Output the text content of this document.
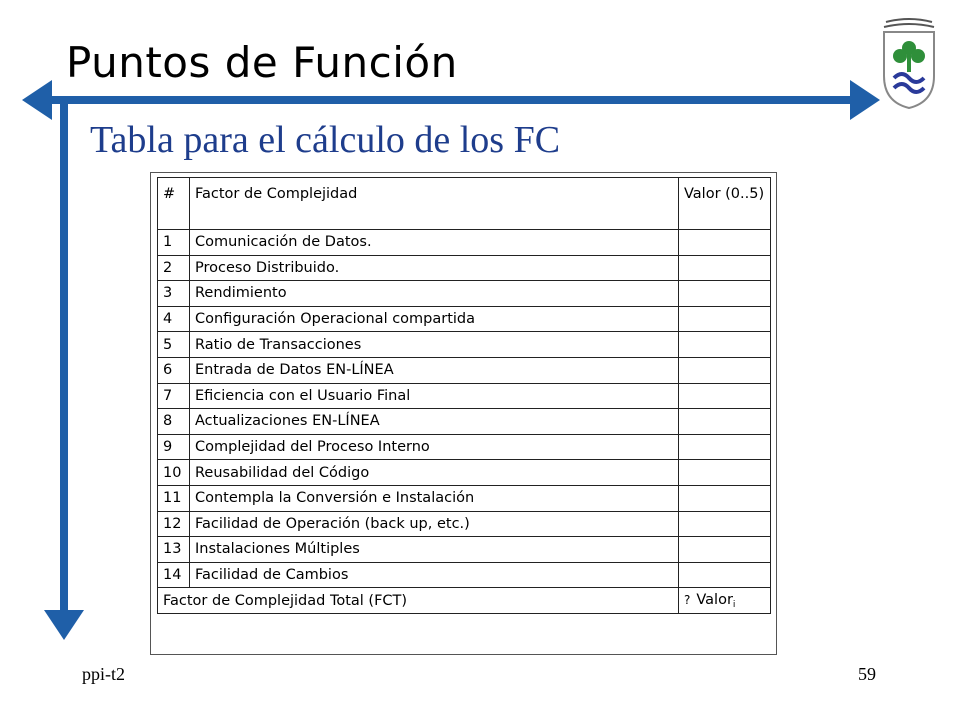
Puntos de Función
Tabla para el cálculo de los FC
#	Factor de Complejidad	Valor (0..5)
1	Comunicación de Datos.	
2	Proceso Distribuido.	
3	Rendimiento	
4	Configuración Operacional compartida	
5	Ratio de Transacciones	
6	Entrada de Datos EN-LÍNEA	
7	Eficiencia con el Usuario Final	
8	Actualizaciones EN-LÍNEA	
9	Complejidad del Proceso Interno	
10	Reusabilidad del Código	
11	Contempla la Conversión e Instalación	
12	Facilidad de Operación (back up, etc.)	
13	Instalaciones Múltiples	
14	Facilidad de Cambios	
Factor de Complejidad Total (FCT)		? Valor$_i$
ppi-t2	59
